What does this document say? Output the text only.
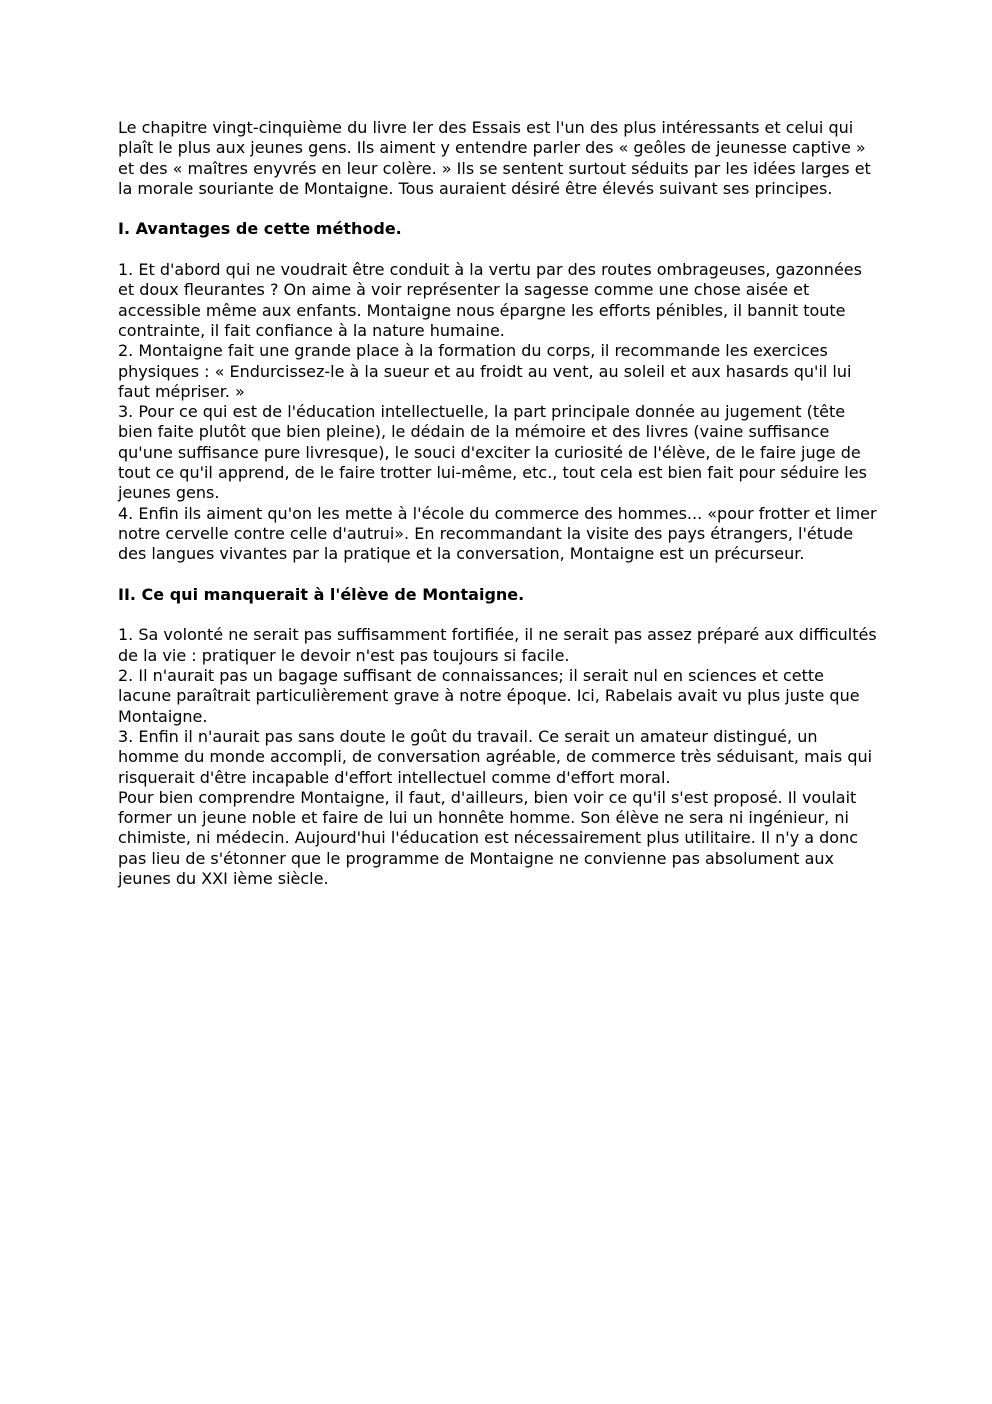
Le chapitre vingt-cinquième du livre Ier des Essais est l'un des plus intéressants et celui qui plaît le plus aux jeunes gens. Ils aiment y entendre parler des « geôles de jeunesse captive » et des « maîtres enyvrés en leur colère. » Ils se sentent surtout séduits par les idées larges et la morale souriante de Montaigne. Tous auraient désiré être élevés suivant ses principes.

I. Avantages de cette méthode.

1. Et d'abord qui ne voudrait être conduit à la vertu par des routes ombrageuses, gazonnées et doux fleurantes ? On aime à voir représenter la sagesse comme une chose aisée et accessible même aux enfants. Montaigne nous épargne les efforts pénibles, il bannit toute contrainte, il fait confiance à la nature humaine.

2. Montaigne fait une grande place à la formation du corps, il recommande les exercices physiques : « Endurcissez-le à la sueur et au froidt au vent, au soleil et aux hasards qu'il lui faut mépriser. »

3. Pour ce qui est de l'éducation intellectuelle, la part principale donnée au jugement (tête bien faite plutôt que bien pleine), le dédain de la mémoire et des livres (vaine suffisance qu'une suffisance pure livresque), le souci d'exciter la curiosité de l'élève, de le faire juge de tout ce qu'il apprend, de le faire trotter lui-même, etc., tout cela est bien fait pour séduire les jeunes gens.

4. Enfin ils aiment qu'on les mette à l'école du commerce des hommes... «pour frotter et limer notre cervelle contre celle d'autrui». En recommandant la visite des pays étrangers, l'étude des langues vivantes par la pratique et la conversation, Montaigne est un précurseur.

II. Ce qui manquerait à l'élève de Montaigne.

1. Sa volonté ne serait pas suffisamment fortifiée, il ne serait pas assez préparé aux difficultés de la vie : pratiquer le devoir n'est pas toujours si facile.

2. Il n'aurait pas un bagage suffisant de connaissances; il serait nul en sciences et cette lacune paraîtrait particulièrement grave à notre époque. Ici, Rabelais avait vu plus juste que Montaigne.

3. Enfin il n'aurait pas sans doute le goût du travail. Ce serait un amateur distingué, un homme du monde accompli, de conversation agréable, de commerce très séduisant, mais qui risquerait d'être incapable d'effort intellectuel comme d'effort moral.

Pour bien comprendre Montaigne, il faut, d'ailleurs, bien voir ce qu'il s'est proposé. Il voulait former un jeune noble et faire de lui un honnête homme. Son élève ne sera ni ingénieur, ni chimiste, ni médecin. Aujourd'hui l'éducation est nécessairement plus utilitaire. Il n'y a donc pas lieu de s'étonner que le programme de Montaigne ne convienne pas absolument aux jeunes du XXI ième siècle.
